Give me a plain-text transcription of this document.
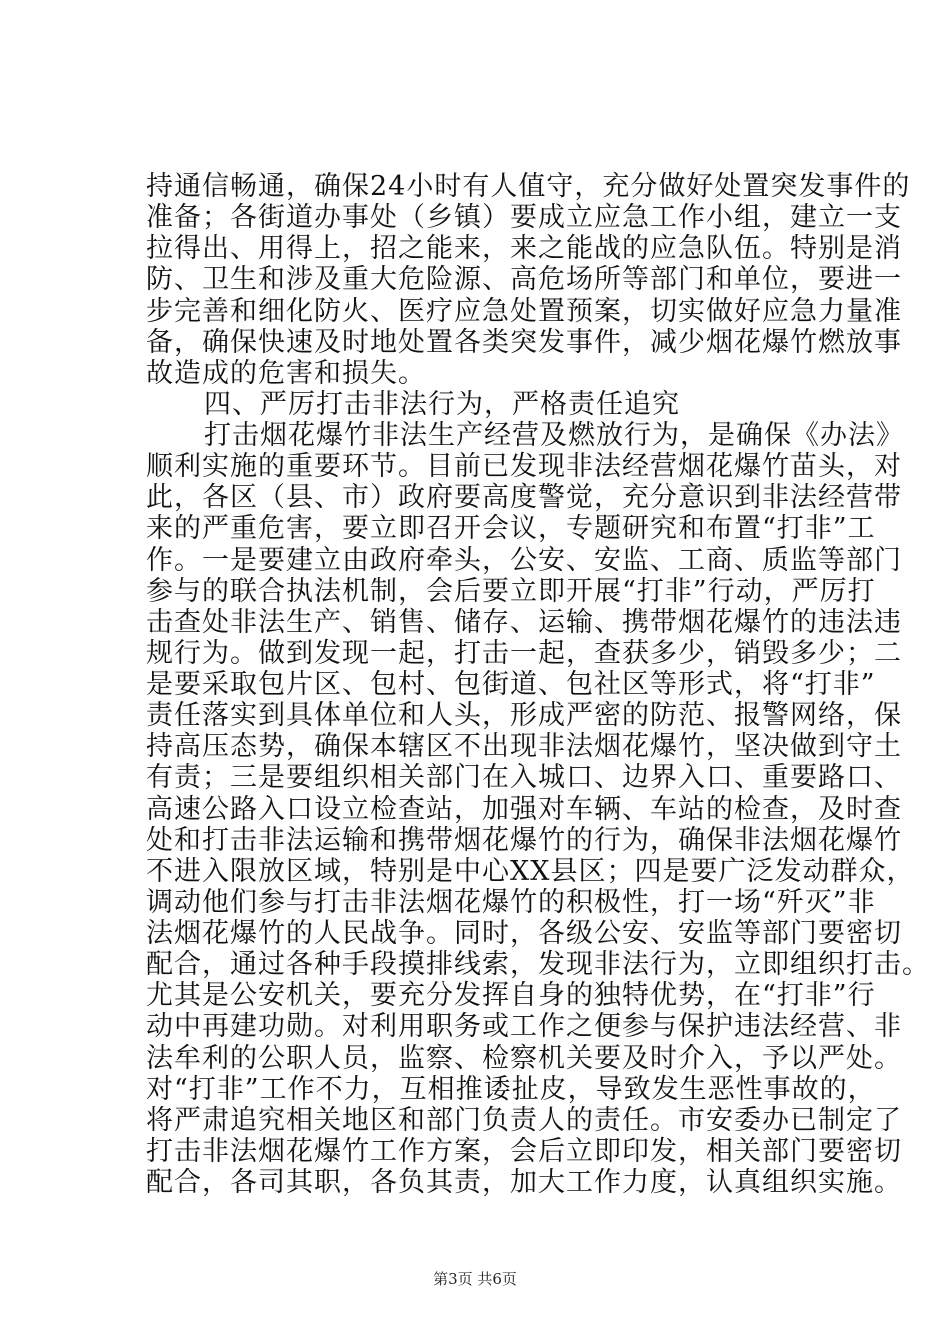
持通信畅通，确保24小时有人值守，充分做好处置突发事件的
准备；各街道办事处（乡镇）要成立应急工作小组，建立一支
拉得出、用得上，招之能来，来之能战的应急队伍。特别是消
防、卫生和涉及重大危险源、高危场所等部门和单位，要进一
步完善和细化防火、医疗应急处置预案，切实做好应急力量准
备，确保快速及时地处置各类突发事件，减少烟花爆竹燃放事
故造成的危害和损失。
四、严厉打击非法行为，严格责任追究
打击烟花爆竹非法生产经营及燃放行为，是确保《办法》
顺利实施的重要环节。目前已发现非法经营烟花爆竹苗头，对
此，各区（县、市）政府要高度警觉，充分意识到非法经营带
来的严重危害，要立即召开会议，专题研究和布置“打非”工
作。一是要建立由政府牵头，公安、安监、工商、质监等部门
参与的联合执法机制，会后要立即开展“打非”行动，严厉打
击查处非法生产、销售、储存、运输、携带烟花爆竹的违法违
规行为。做到发现一起，打击一起，查获多少，销毁多少；二
是要采取包片区、包村、包街道、包社区等形式，将“打非”
责任落实到具体单位和人头，形成严密的防范、报警网络，保
持高压态势，确保本辖区不出现非法烟花爆竹，坚决做到守土
有责；三是要组织相关部门在入城口、边界入口、重要路口、
高速公路入口设立检查站，加强对车辆、车站的检查，及时查
处和打击非法运输和携带烟花爆竹的行为，确保非法烟花爆竹
不进入限放区域，特别是中心XX县区；四是要广泛发动群众，
调动他们参与打击非法烟花爆竹的积极性，打一场“歼灭”非
法烟花爆竹的人民战争。同时，各级公安、安监等部门要密切
配合，通过各种手段摸排线索，发现非法行为，立即组织打击。
尤其是公安机关，要充分发挥自身的独特优势，在“打非”行
动中再建功勋。对利用职务或工作之便参与保护违法经营、非
法牟利的公职人员，监察、检察机关要及时介入，予以严处。
对“打非”工作不力，互相推诿扯皮，导致发生恶性事故的，
将严肃追究相关地区和部门负责人的责任。市安委办已制定了
打击非法烟花爆竹工作方案，会后立即印发，相关部门要密切
配合，各司其职，各负其责，加大工作力度，认真组织实施。
第3页 共6页
